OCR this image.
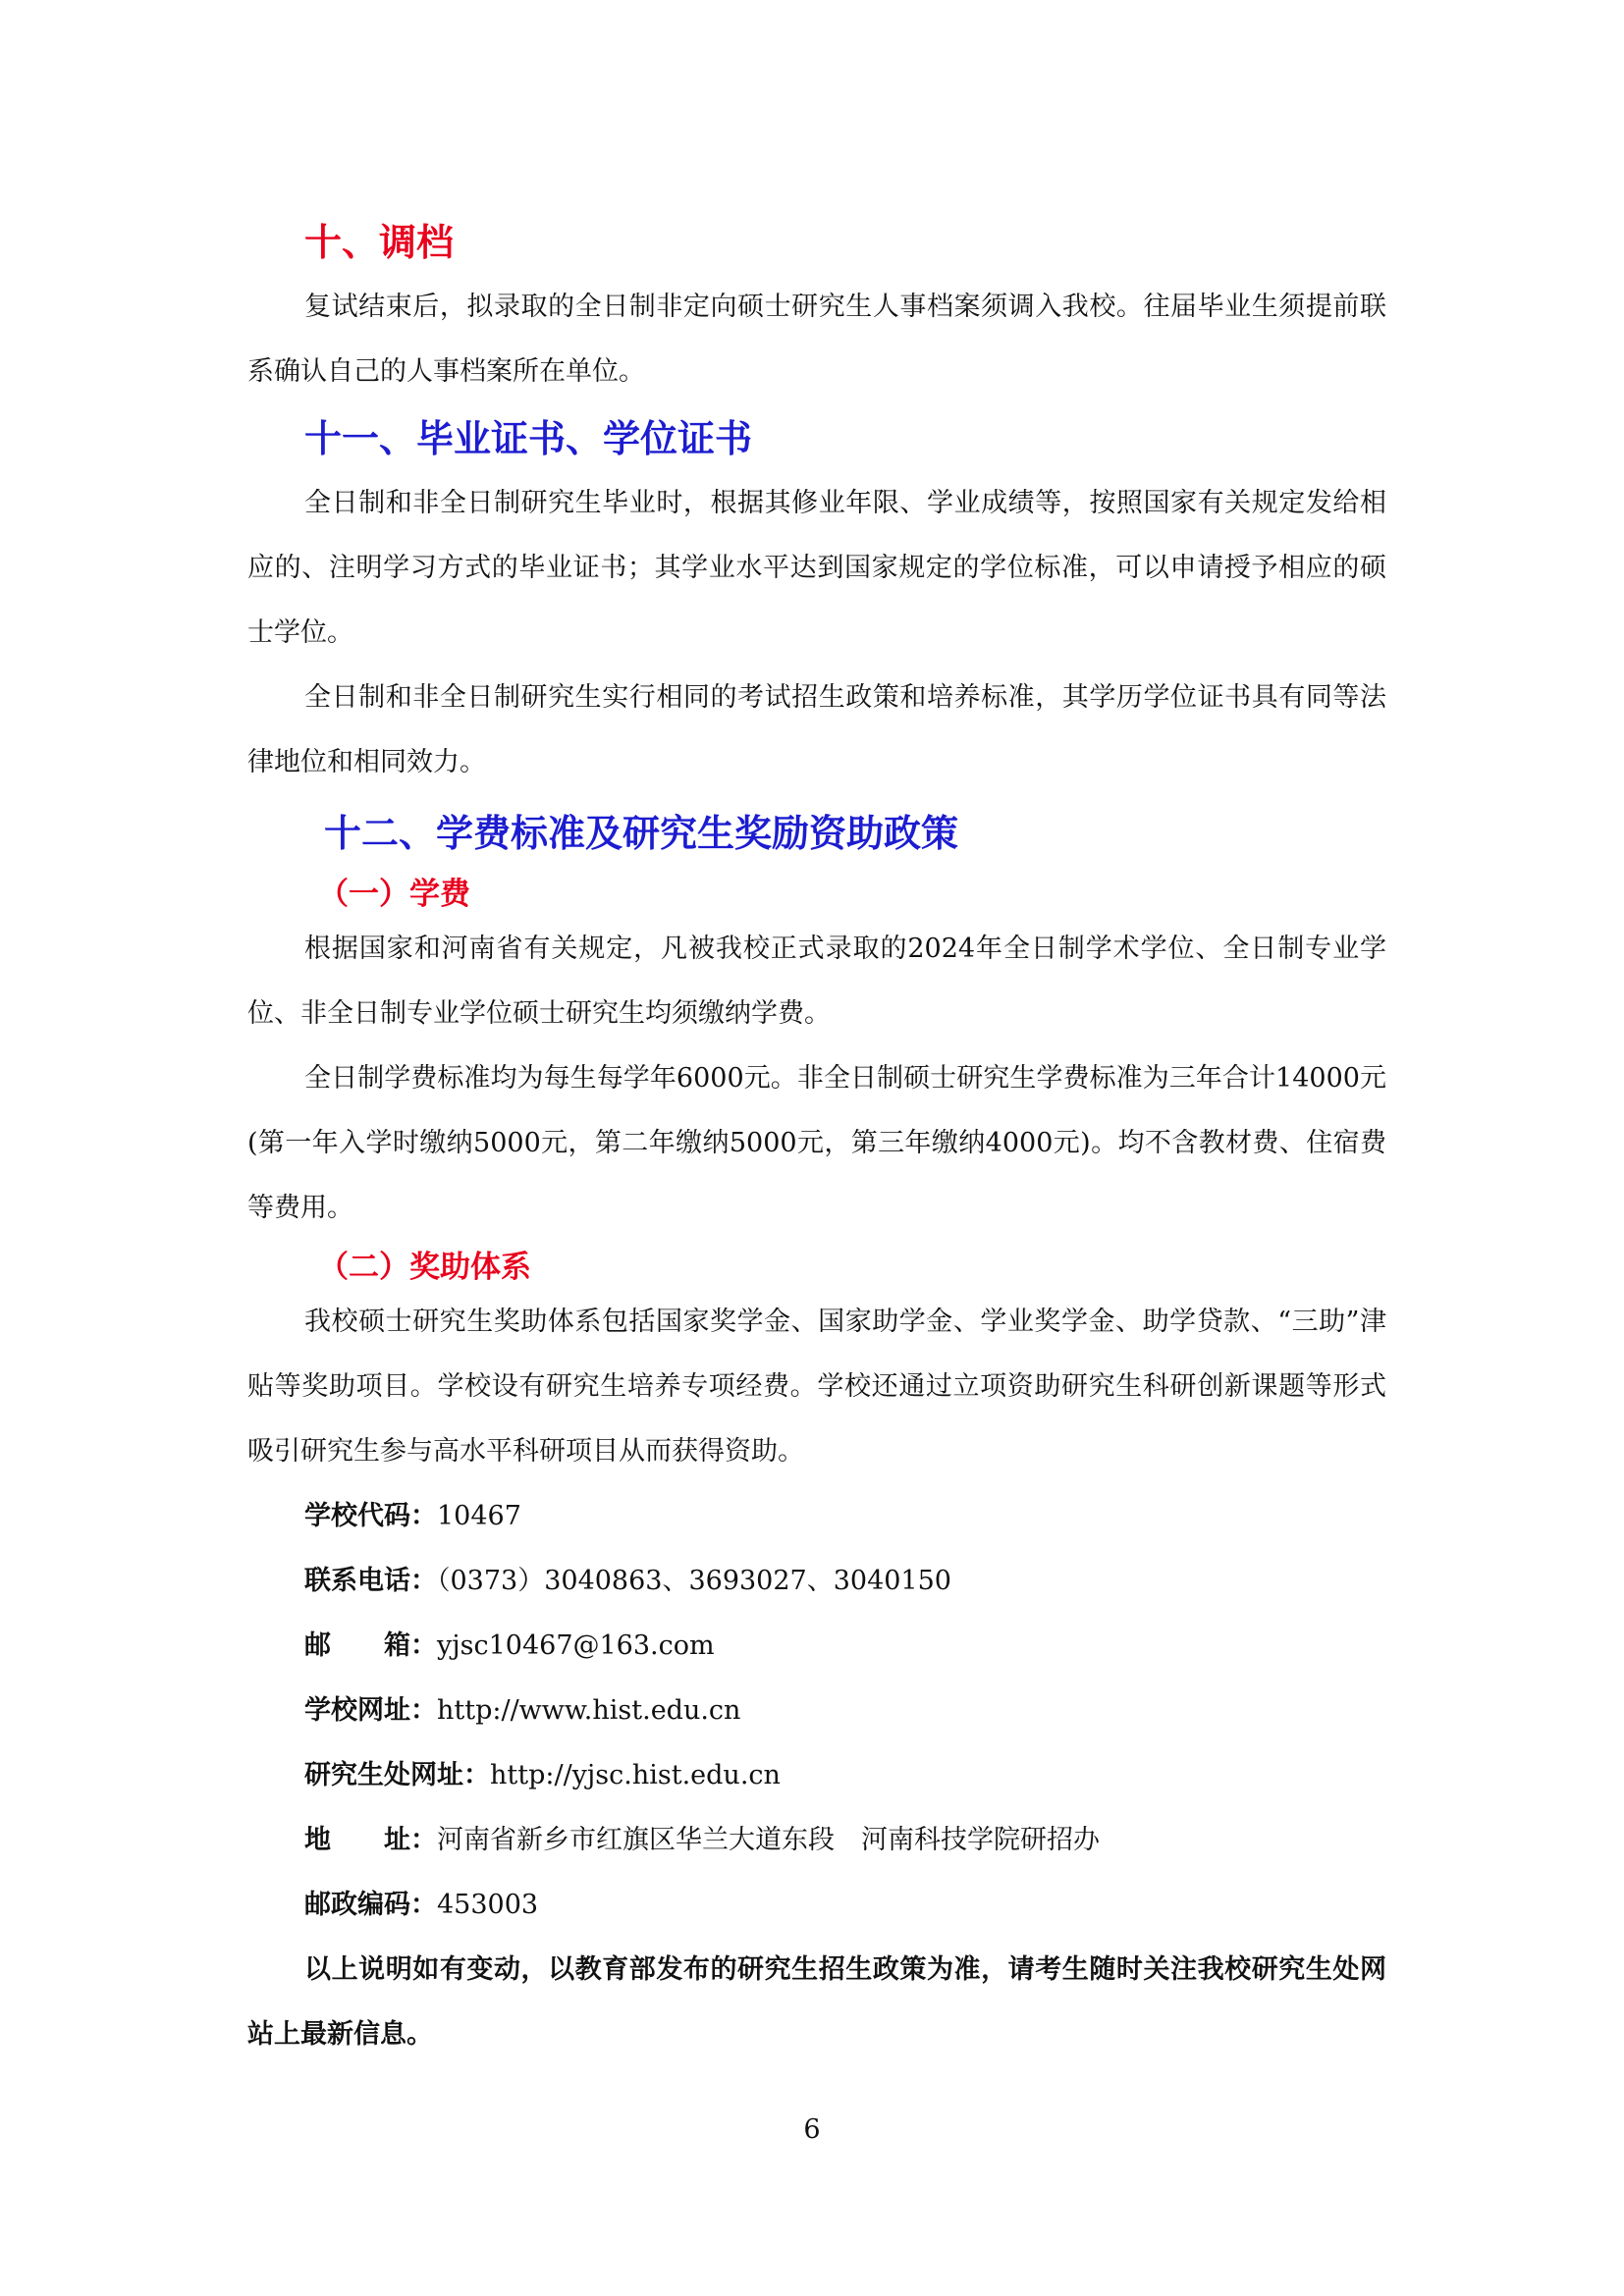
十、调档

复试结束后，拟录取的全日制非定向硕士研究生人事档案须调入我校。往届毕业生须提前联系确认自己的人事档案所在单位。

十一、毕业证书、学位证书

全日制和非全日制研究生毕业时，根据其修业年限、学业成绩等，按照国家有关规定发给相应的、注明学习方式的毕业证书；其学业水平达到国家规定的学位标准，可以申请授予相应的硕士学位。

全日制和非全日制研究生实行相同的考试招生政策和培养标准，其学历学位证书具有同等法律地位和相同效力。

十二、学费标准及研究生奖励资助政策
（一）学费

根据国家和河南省有关规定，凡被我校正式录取的2024年全日制学术学位、全日制专业学位、非全日制专业学位硕士研究生均须缴纳学费。

全日制学费标准均为每生每学年6000元。非全日制硕士研究生学费标准为三年合计14000元(第一年入学时缴纳5000元，第二年缴纳5000元，第三年缴纳4000元)。均不含教材费、住宿费等费用。

（二）奖助体系

我校硕士研究生奖助体系包括国家奖学金、国家助学金、学业奖学金、助学贷款、“三助”津贴等奖助项目。学校设有研究生培养专项经费。学校还通过立项资助研究生科研创新课题等形式吸引研究生参与高水平科研项目从而获得资助。

学校代码：10467

联系电话：（0373）3040863、3693027、3040150

邮　　箱：yjsc10467@163.com

学校网址：http://www.hist.edu.cn

研究生处网址：http://yjsc.hist.edu.cn

地　　址：河南省新乡市红旗区华兰大道东段　河南科技学院研招办

邮政编码：453003

以上说明如有变动，以教育部发布的研究生招生政策为准，请考生随时关注我校研究生处网站上最新信息。

6
